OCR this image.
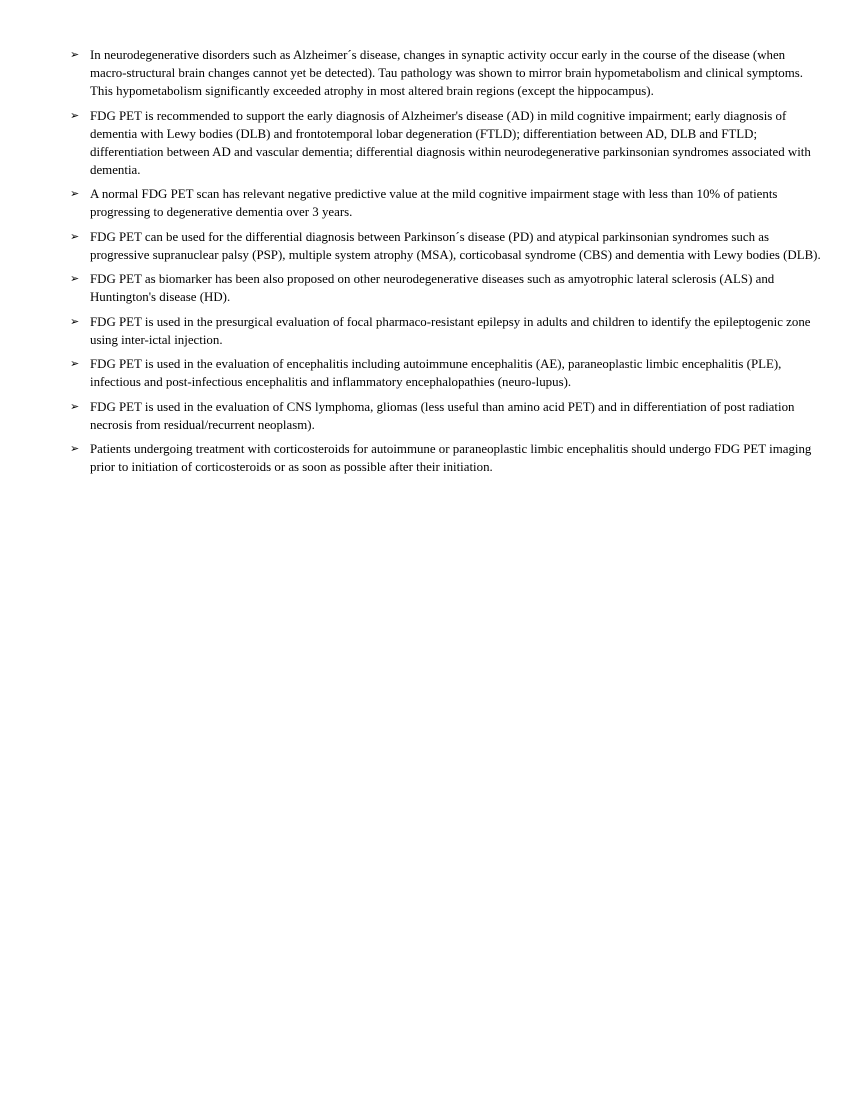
➢ In neurodegenerative disorders such as Alzheimer´s disease, changes in synaptic activity occur early in the course of the disease (when macro-structural brain changes cannot yet be detected). Tau pathology was shown to mirror brain hypometabolism and clinical symptoms. This hypometabolism significantly exceeded atrophy in most altered brain regions (except the hippocampus).
➢ FDG PET is recommended to support the early diagnosis of Alzheimer's disease (AD) in mild cognitive impairment; early diagnosis of dementia with Lewy bodies (DLB) and frontotemporal lobar degeneration (FTLD); differentiation between AD, DLB and FTLD; differentiation between AD and vascular dementia; differential diagnosis within neurodegenerative parkinsonian syndromes associated with dementia.
➢ A normal FDG PET scan has relevant negative predictive value at the mild cognitive impairment stage with less than 10% of patients progressing to degenerative dementia over 3 years.
➢ FDG PET can be used for the differential diagnosis between Parkinson´s disease (PD) and atypical parkinsonian syndromes such as progressive supranuclear palsy (PSP), multiple system atrophy (MSA), corticobasal syndrome (CBS) and dementia with Lewy bodies (DLB).
➢ FDG PET as biomarker has been also proposed on other neurodegenerative diseases such as amyotrophic lateral sclerosis (ALS) and Huntington's disease (HD).
➢ FDG PET is used in the presurgical evaluation of focal pharmaco-resistant epilepsy in adults and children to identify the epileptogenic zone using inter-ictal injection.
➢ FDG PET is used in the evaluation of encephalitis including autoimmune encephalitis (AE), paraneoplastic limbic encephalitis (PLE), infectious and post-infectious encephalitis and inflammatory encephalopathies (neuro-lupus).
➢ FDG PET is used in the evaluation of CNS lymphoma, gliomas (less useful than amino acid PET) and in differentiation of post radiation necrosis from residual/recurrent neoplasm).
➢ Patients undergoing treatment with corticosteroids for autoimmune or paraneoplastic limbic encephalitis should undergo FDG PET imaging prior to initiation of corticosteroids or as soon as possible after their initiation.
